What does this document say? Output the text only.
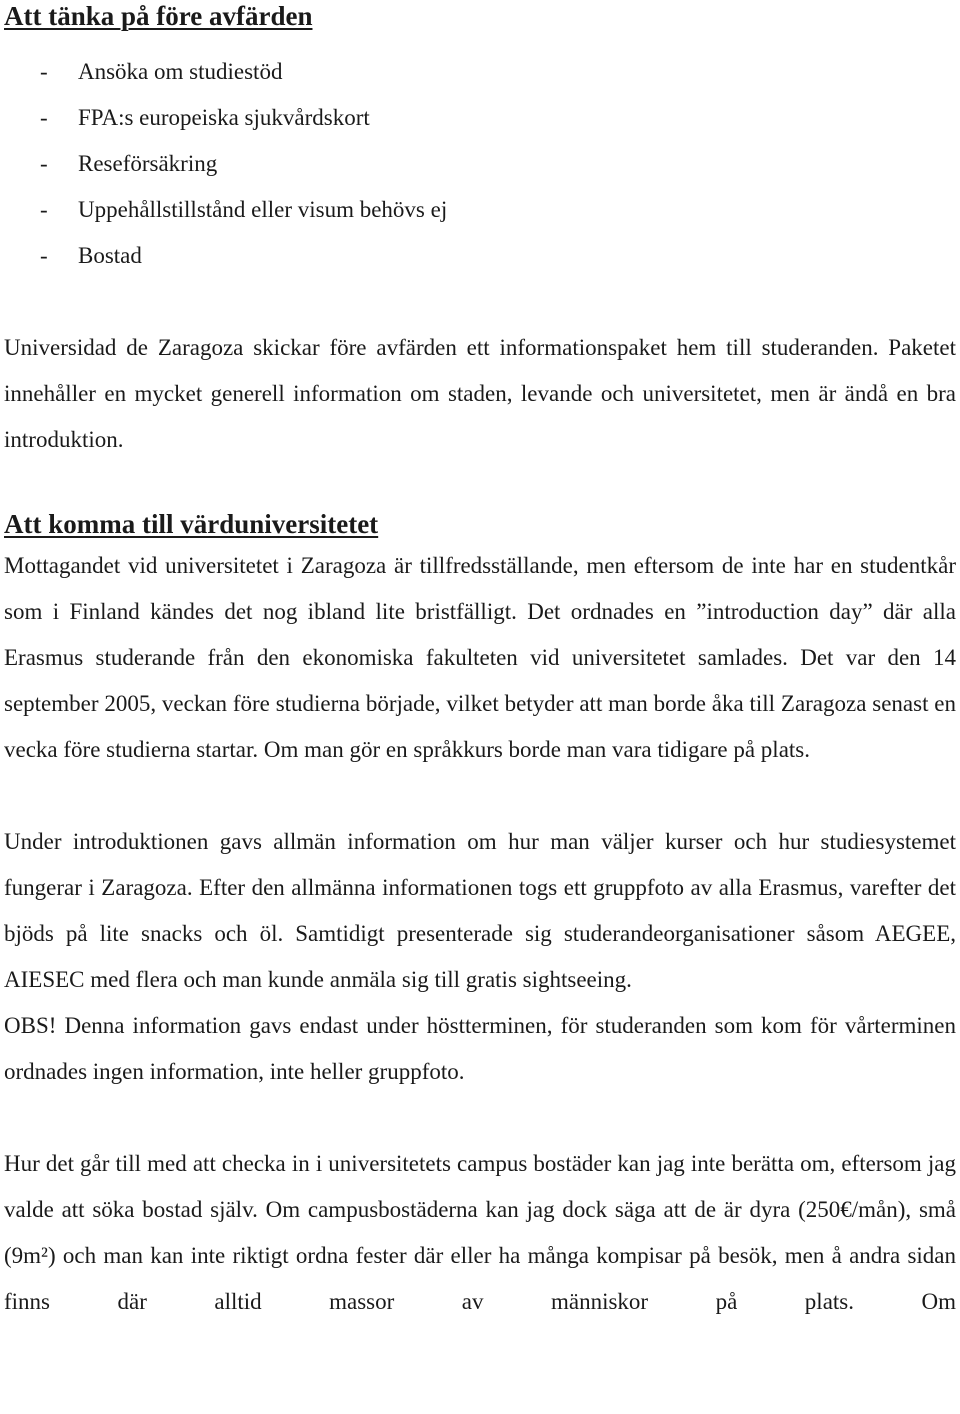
Att tänka på före avfärden
- Ansöka om studiestöd
- FPA:s europeiska sjukvårdskort
- Reseförsäkring
- Uppehållstillstånd eller visum behövs ej
- Bostad

Universidad de Zaragoza skickar före avfärden ett informationspaket hem till studeranden. Paketet innehåller en mycket generell information om staden, levande och universitetet, men är ändå en bra introduktion.

Att komma till värduniversitetet

Mottagandet vid universitetet i Zaragoza är tillfredsställande, men eftersom de inte har en studentkår som i Finland kändes det nog ibland lite bristfälligt. Det ordnades en ”introduction day” där alla Erasmus studerande från den ekonomiska fakulteten vid universitetet samlades. Det var den 14 september 2005, veckan före studierna började, vilket betyder att man borde åka till Zaragoza senast en vecka före studierna startar. Om man gör en språkkurs borde man vara tidigare på plats.

Under introduktionen gavs allmän information om hur man väljer kurser och hur studiesystemet fungerar i Zaragoza. Efter den allmänna informationen togs ett gruppfoto av alla Erasmus, varefter det bjöds på lite snacks och öl. Samtidigt presenterade sig studerandeorganisationer såsom AEGEE, AIESEC med flera och man kunde anmäla sig till gratis sightseeing.

OBS! Denna information gavs endast under höstterminen, för studeranden som kom för vårterminen ordnades ingen information, inte heller gruppfoto.

Hur det går till med att checka in i universitetets campus bostäder kan jag inte berätta om, eftersom jag valde att söka bostad själv. Om campusbostäderna kan jag dock säga att de är dyra (250€/mån), små (9m²) och man kan inte riktigt ordna fester där eller ha många kompisar på besök, men å andra sidan finns där alltid massor av människor på plats. Om
